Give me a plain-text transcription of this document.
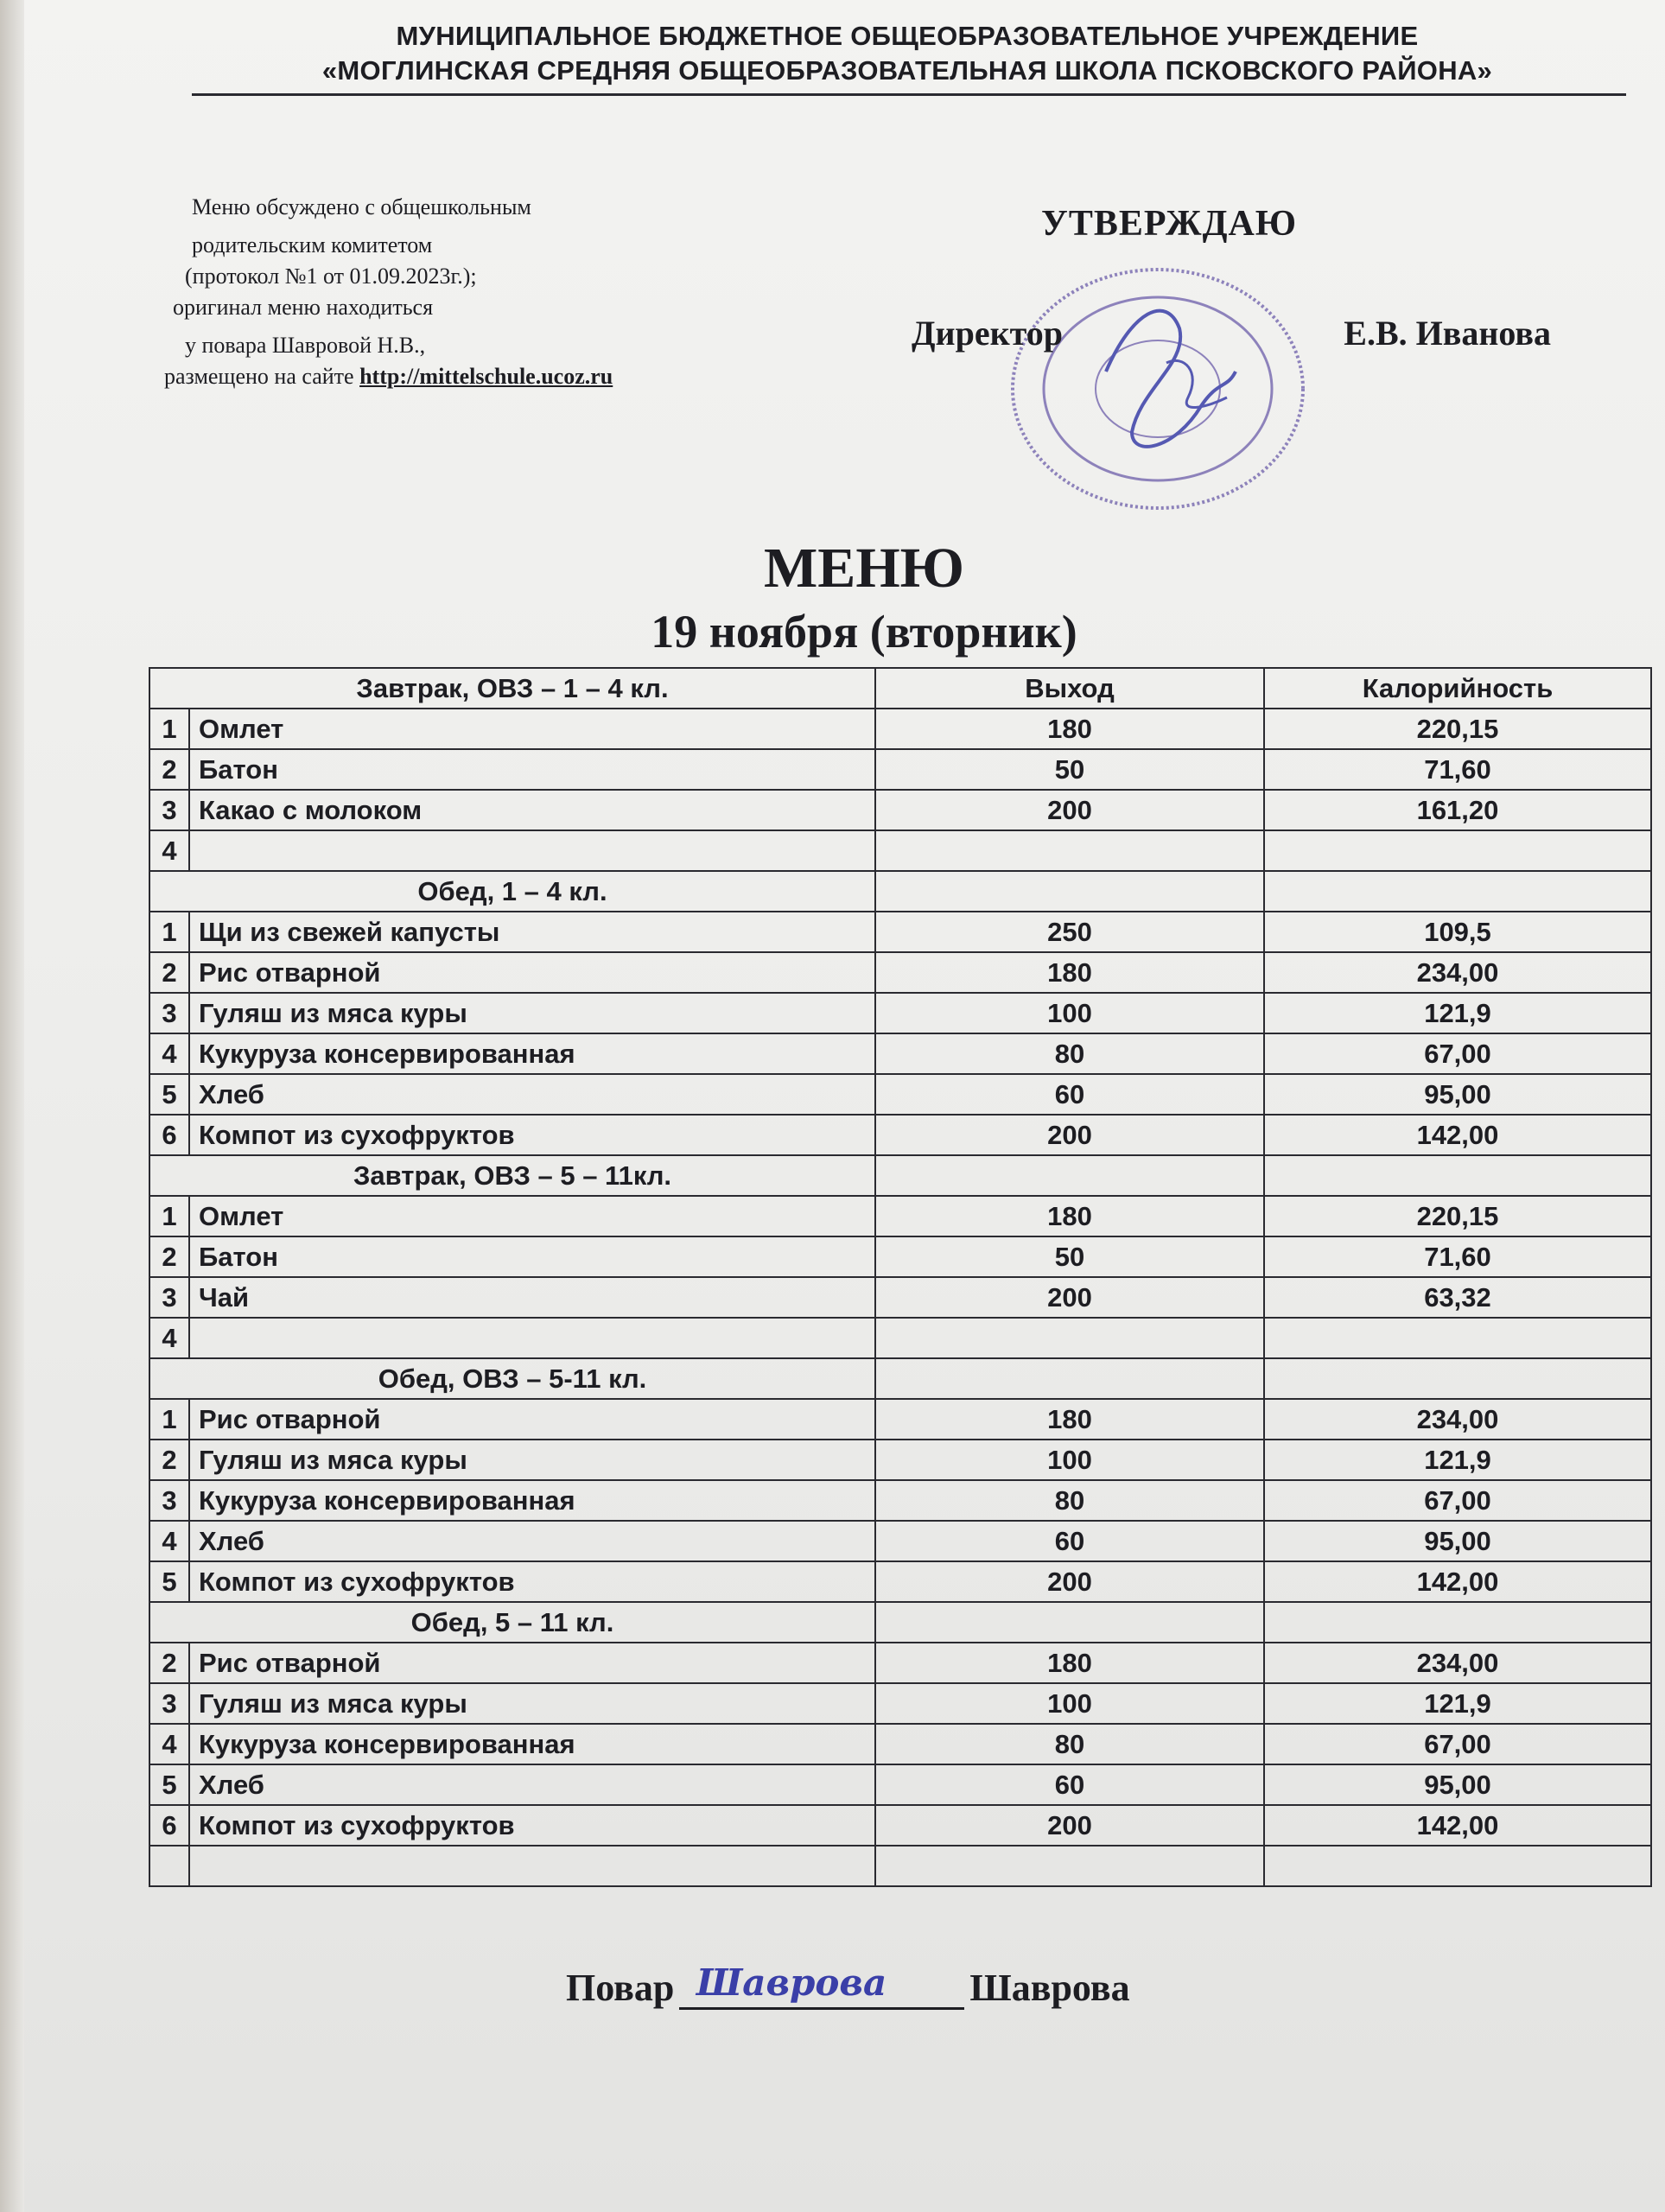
МУНИЦИПАЛЬНОЕ БЮДЖЕТНОЕ ОБЩЕОБРАЗОВАТЕЛЬНОЕ УЧРЕЖДЕНИЕ
«МОГЛИНСКАЯ СРЕДНЯЯ ОБЩЕОБРАЗОВАТЕЛЬНАЯ ШКОЛА ПСКОВСКОГО РАЙОНА»
Меню обсуждено с общешкольным
родительским комитетом
(протокол №1 от 01.09.2023г.);
оригинал меню находиться
у повара Шавровой Н.В.,
размещено на сайте http://mittelschule.ucoz.ru
УТВЕРЖДАЮ
Директор	Е.В. Иванова
МЕНЮ
19 ноября (вторник)
Завтрак, ОВЗ – 1 – 4 кл.		Выход	Калорийность
1	Омлет	180	220,15
2	Батон	50	71,60
3	Какао с молоком	200	161,20
4			
Обед, 1 – 4 кл.			
1	Щи из свежей капусты	250	109,5
2	Рис отварной	180	234,00
3	Гуляш из мяса куры	100	121,9
4	Кукуруза консервированная	80	67,00
5	Хлеб	60	95,00
6	Компот из сухофруктов	200	142,00
Завтрак, ОВЗ – 5 – 11кл.			
1	Омлет	180	220,15
2	Батон	50	71,60
3	Чай	200	63,32
4			
Обед, ОВЗ – 5-11 кл.			
1	Рис отварной	180	234,00
2	Гуляш из мяса куры	100	121,9
3	Кукуруза консервированная	80	67,00
4	Хлеб	60	95,00
5	Компот из сухофруктов	200	142,00
Обед, 5 – 11 кл.			
2	Рис отварной	180	234,00
3	Гуляш из мяса куры	100	121,9
4	Кукуруза консервированная	80	67,00
5	Хлеб	60	95,00
6	Компот из сухофруктов	200	142,00

Повар Шаврова Шаврова
